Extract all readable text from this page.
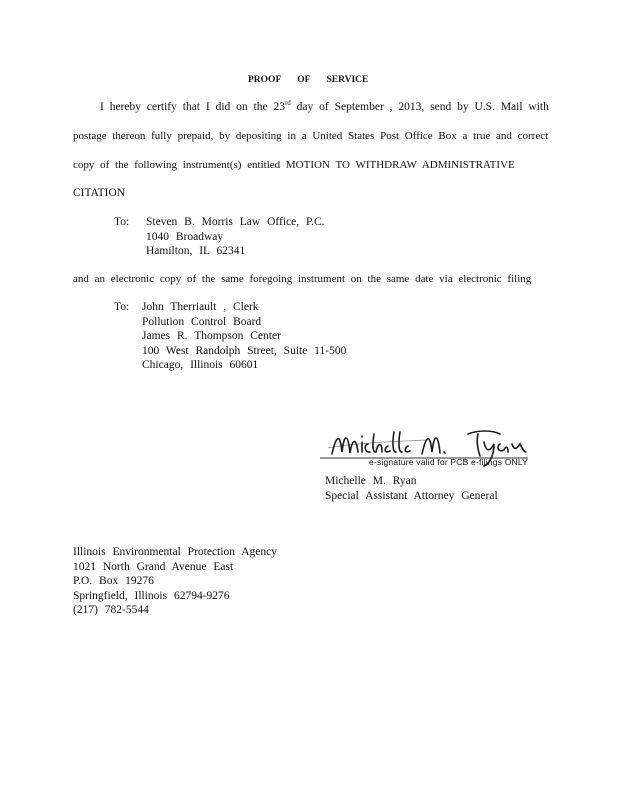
PROOF OF SERVICE
I hereby certify that I did on the 23rd day of September , 2013, send by U.S. Mail with
postage thereon fully prepaid, by depositing in a United States Post Office Box a true and correct
copy of the following instrument(s) entitled MOTION TO WITHDRAW ADMINISTRATIVE
CITATION
To: Steven B. Morris Law Office, P.C.
1040 Broadway
Hamilton, IL 62341
and an electronic copy of the same foregoing instrument on the same date via electronic filing
To: John Therriault , Clerk
Pollution Control Board
James R. Thompson Center
100 West Randolph Street, Suite 11-500
Chicago, Illinois 60601
e-signature valid for PCB e-filings ONLY
Michelle M. Ryan
Special Assistant Attorney General
Illinois Environmental Protection Agency
1021 North Grand Avenue East
P.O. Box 19276
Springfield, Illinois 62794-9276
(217) 782-5544
